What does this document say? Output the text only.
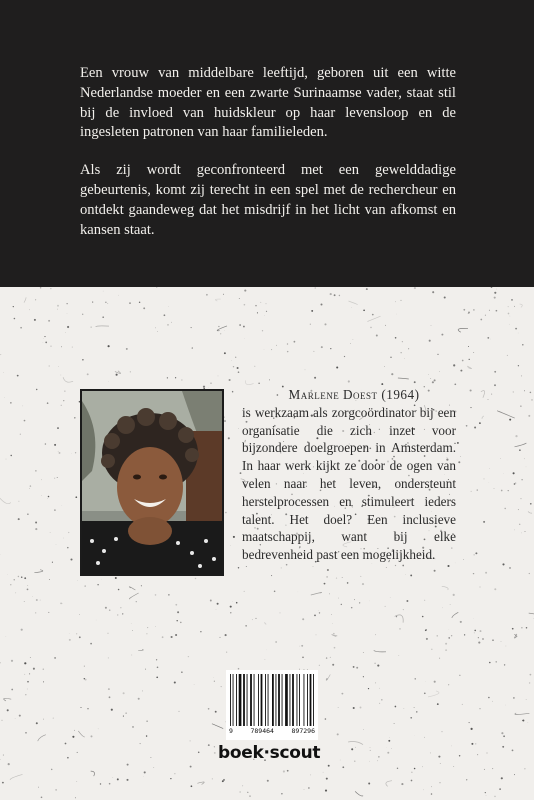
Een vrouw van middelbare leeftijd, geboren uit een witte Nederlandse moeder en een zwarte Surinaamse vader, staat stil bij de invloed van huidskleur op haar levensloop en de ingesleten patronen van haar familieleden.

Als zij wordt geconfronteerd met een gewelddadige gebeurtenis, komt zij terecht in een spel met de rechercheur en ontdekt gaandeweg dat het misdrijf in het licht van afkomst en kansen staat.

Marlene Doest (1964)
is werkzaam als zorgcoördinator bij een organisatie die zich inzet voor bijzondere doelgroepen in Amsterdam. In haar werk kijkt ze door de ogen van velen naar het leven, ondersteunt herstelprocessen en stimuleert ieders talent. Het doel? Een inclusieve maatschappij, want bij elke bedrevenheid past een mogelijkheid.
9	789464	897296
boek·scout
